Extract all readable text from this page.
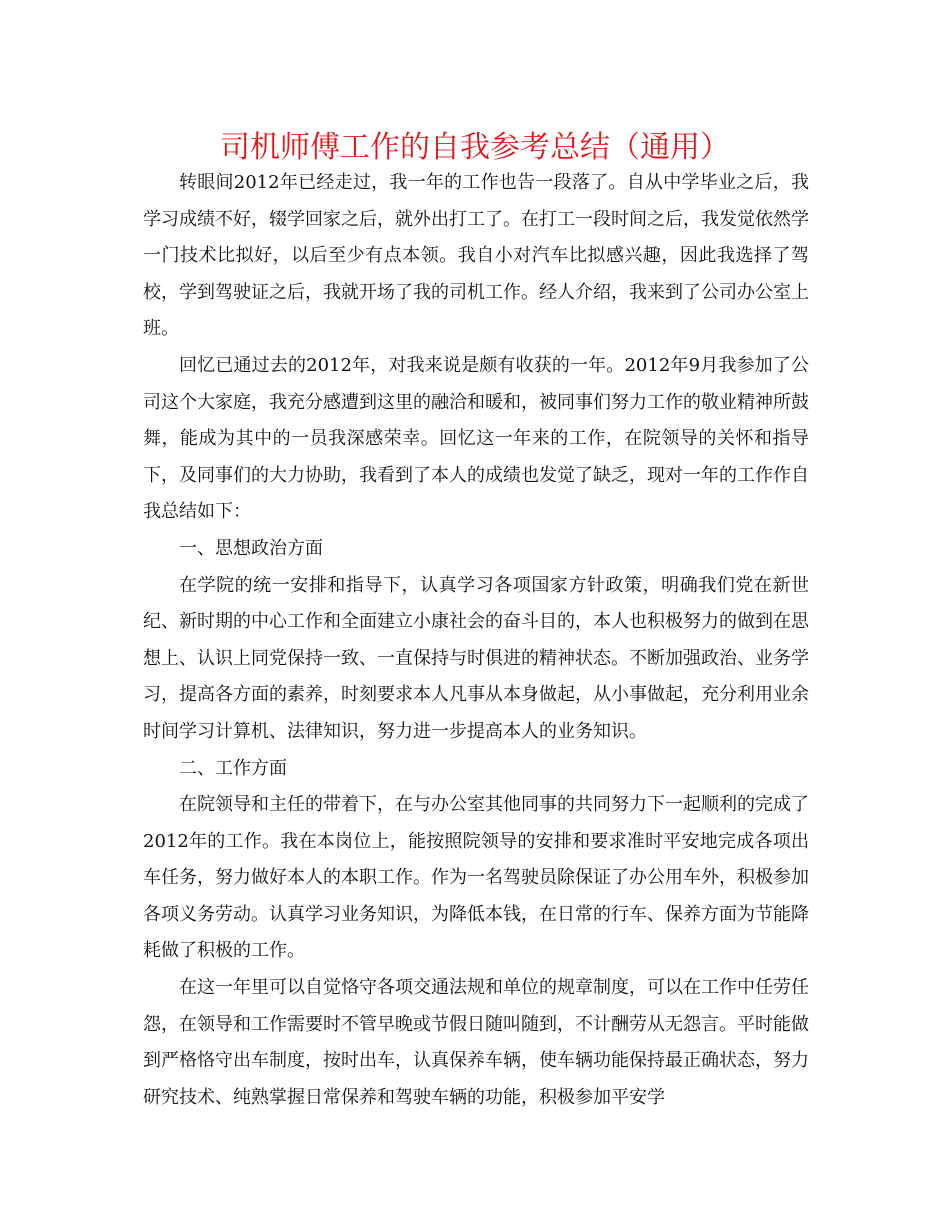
司机师傅工作的自我参考总结（通用）

转眼间2012年已经走过，我一年的工作也告一段落了。自从中学毕业之后，我学习成绩不好，辍学回家之后，就外出打工了。在打工一段时间之后，我发觉依然学一门技术比拟好，以后至少有点本领。我自小对汽车比拟感兴趣，因此我选择了驾校，学到驾驶证之后，我就开场了我的司机工作。经人介绍，我来到了公司办公室上班。

回忆已通过去的2012年，对我来说是颇有收获的一年。2012年9月我参加了公司这个大家庭，我充分感遭到这里的融洽和暖和，被同事们努力工作的敬业精神所鼓舞，能成为其中的一员我深感荣幸。回忆这一年来的工作，在院领导的关怀和指导下，及同事们的大力协助，我看到了本人的成绩也发觉了缺乏，现对一年的工作作自我总结如下：

一、思想政治方面

在学院的统一安排和指导下，认真学习各项国家方针政策，明确我们党在新世纪、新时期的中心工作和全面建立小康社会的奋斗目的，本人也积极努力的做到在思想上、认识上同党保持一致、一直保持与时俱进的精神状态。不断加强政治、业务学习，提高各方面的素养，时刻要求本人凡事从本身做起，从小事做起，充分利用业余时间学习计算机、法律知识，努力进一步提高本人的业务知识。

二、工作方面

在院领导和主任的带着下，在与办公室其他同事的共同努力下一起顺利的完成了2012年的工作。我在本岗位上，能按照院领导的安排和要求准时平安地完成各项出车任务，努力做好本人的本职工作。作为一名驾驶员除保证了办公用车外，积极参加各项义务劳动。认真学习业务知识，为降低本钱，在日常的行车、保养方面为节能降耗做了积极的工作。

在这一年里可以自觉恪守各项交通法规和单位的规章制度，可以在工作中任劳任怨，在领导和工作需要时不管早晚或节假日随叫随到，不计酬劳从无怨言。平时能做到严格恪守出车制度，按时出车，认真保养车辆，使车辆功能保持最正确状态，努力研究技术、纯熟掌握日常保养和驾驶车辆的功能，积极参加平安学
